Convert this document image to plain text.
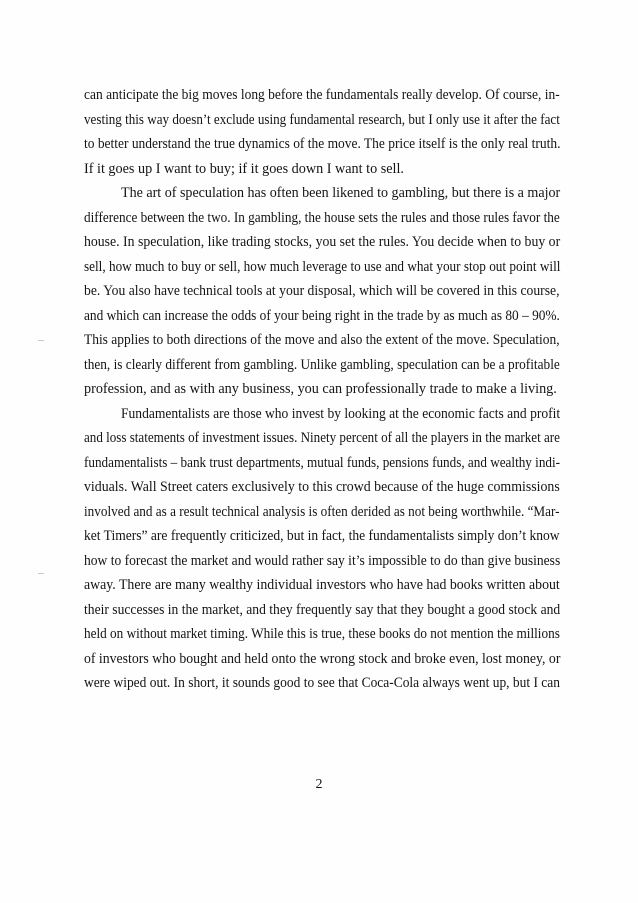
can anticipate the big moves long before the fundamentals really develop. Of course, in-
vesting this way doesn’t exclude using fundamental research, but I only use it after the fact
to better understand the true dynamics of the move. The price itself is the only real truth.
If it goes up I want to buy; if it goes down I want to sell.
The art of speculation has often been likened to gambling, but there is a major
difference between the two. In gambling, the house sets the rules and those rules favor the
house. In speculation, like trading stocks, you set the rules. You decide when to buy or
sell, how much to buy or sell, how much leverage to use and what your stop out point will
be. You also have technical tools at your disposal, which will be covered in this course,
and which can increase the odds of your being right in the trade by as much as 80 – 90%.
This applies to both directions of the move and also the extent of the move. Speculation,
then, is clearly different from gambling. Unlike gambling, speculation can be a profitable
profession, and as with any business, you can professionally trade to make a living.
Fundamentalists are those who invest by looking at the economic facts and profit
and loss statements of investment issues. Ninety percent of all the players in the market are
fundamentalists – bank trust departments, mutual funds, pensions funds, and wealthy indi-
viduals. Wall Street caters exclusively to this crowd because of the huge commissions
involved and as a result technical analysis is often derided as not being worthwhile. “Mar-
ket Timers” are frequently criticized, but in fact, the fundamentalists simply don’t know
how to forecast the market and would rather say it’s impossible to do than give business
away. There are many wealthy individual investors who have had books written about
their successes in the market, and they frequently say that they bought a good stock and
held on without market timing. While this is true, these books do not mention the millions
of investors who bought and held onto the wrong stock and broke even, lost money, or
were wiped out. In short, it sounds good to see that Coca-Cola always went up, but I can
2
